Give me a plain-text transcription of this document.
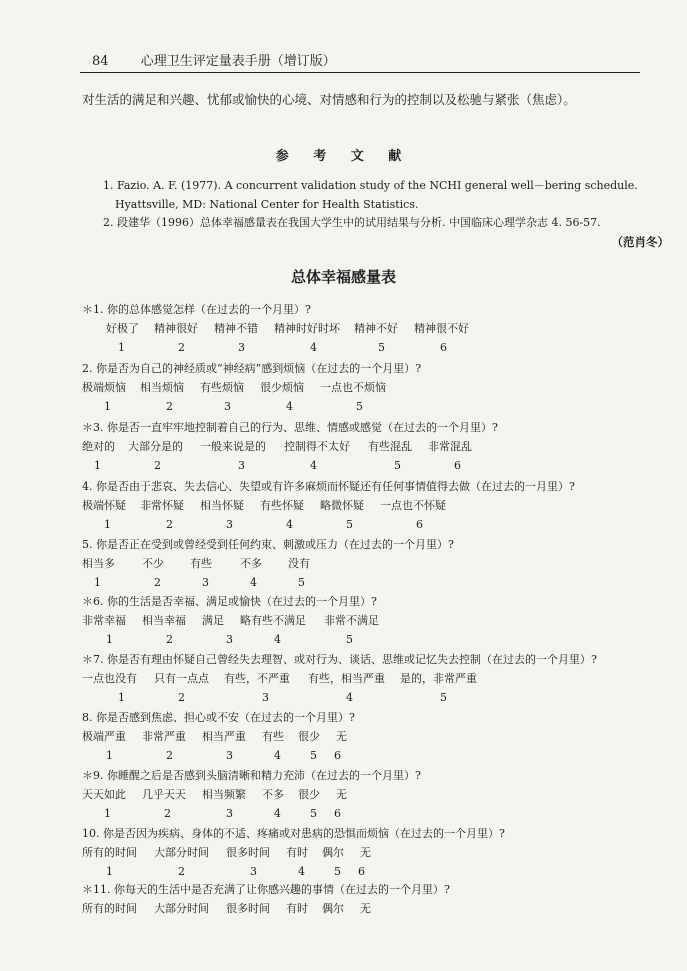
84 心理卫生评定量表手册（增订版）
对生活的满足和兴趣、忧郁或愉快的心境、对情感和行为的控制以及松驰与紧张（焦虑）。
参 考 文 献
1. Fazio. A. F. (1977). A concurrent validation study of the NCHI general well－bering schedule.
Hyattsville, MD: National Center for Health Statistics.
2. 段建华（1996）总体幸福感量表在我国大学生中的试用结果与分析. 中国临床心理学杂志 4. 56-57.
（范肖冬）
总体幸福感量表
＊1. 你的总体感觉怎样（在过去的一个月里）?
好极了 精神很好 精神不错 精神时好时坏 精神不好 精神很不好
1	2	3	4	5	6
2. 你是否为自己的神经质或“神经病”感到烦恼（在过去的一个月里）?
极端烦恼 相当烦恼 有些烦恼 很少烦恼 一点也不烦恼
1	2	3	4	5
＊3. 你是否一直牢牢地控制着自己的行为、思维、情感或感觉（在过去的一个月里）?
绝对的 大部分是的 一般来说是的 控制得不太好 有些混乱 非常混乱
1	2	3	4	5	6
4. 你是否由于悲哀、失去信心、失望或有许多麻烦而怀疑还有任何事情值得去做（在过去的一月里）?
极端怀疑 非常怀疑 相当怀疑 有些怀疑 略微怀疑 一点也不怀疑
1	2	3	4	5	6
5. 你是否正在受到或曾经受到任何约束、刺激或压力（在过去的一个月里）?
相当多 不少 有些	不多 没有
1	2	3	4	5
＊6. 你的生活是否幸福、满足或愉快（在过去的一个月里）?
非常幸福 相当幸福 满足 略有些不满足 非常不满足
1	2	3	4	5
＊7. 你是否有理由怀疑自己曾经失去理智、或对行为、谈话、思维或记忆失去控制（在过去的一个月里）?
一点也没有 只有一点点 有些，不严重 有些，相当严重 是的，非常严重
1	2	3	4	5
8. 你是否感到焦虑、担心或不安（在过去的一个月里）?
极端严重 非常严重 相当严重 有些 很少 无
1	2	3	4	5 6
＊9. 你睡醒之后是否感到头脑清晰和精力充沛（在过去的一个月里）?
天天如此 几乎天天 相当频繁 不多 很少 无
1	2	3	4	5 6
10. 你是否因为疾病、身体的不适、疼痛或对患病的恐惧而烦恼（在过去的一个月里）?
所有的时间 大部分时间 很多时间 有时 偶尔 无
1	2	3	4	5 6
＊11. 你每天的生活中是否充满了让你感兴趣的事情（在过去的一个月里）?
所有的时间 大部分时间 很多时间 有时 偶尔 无
